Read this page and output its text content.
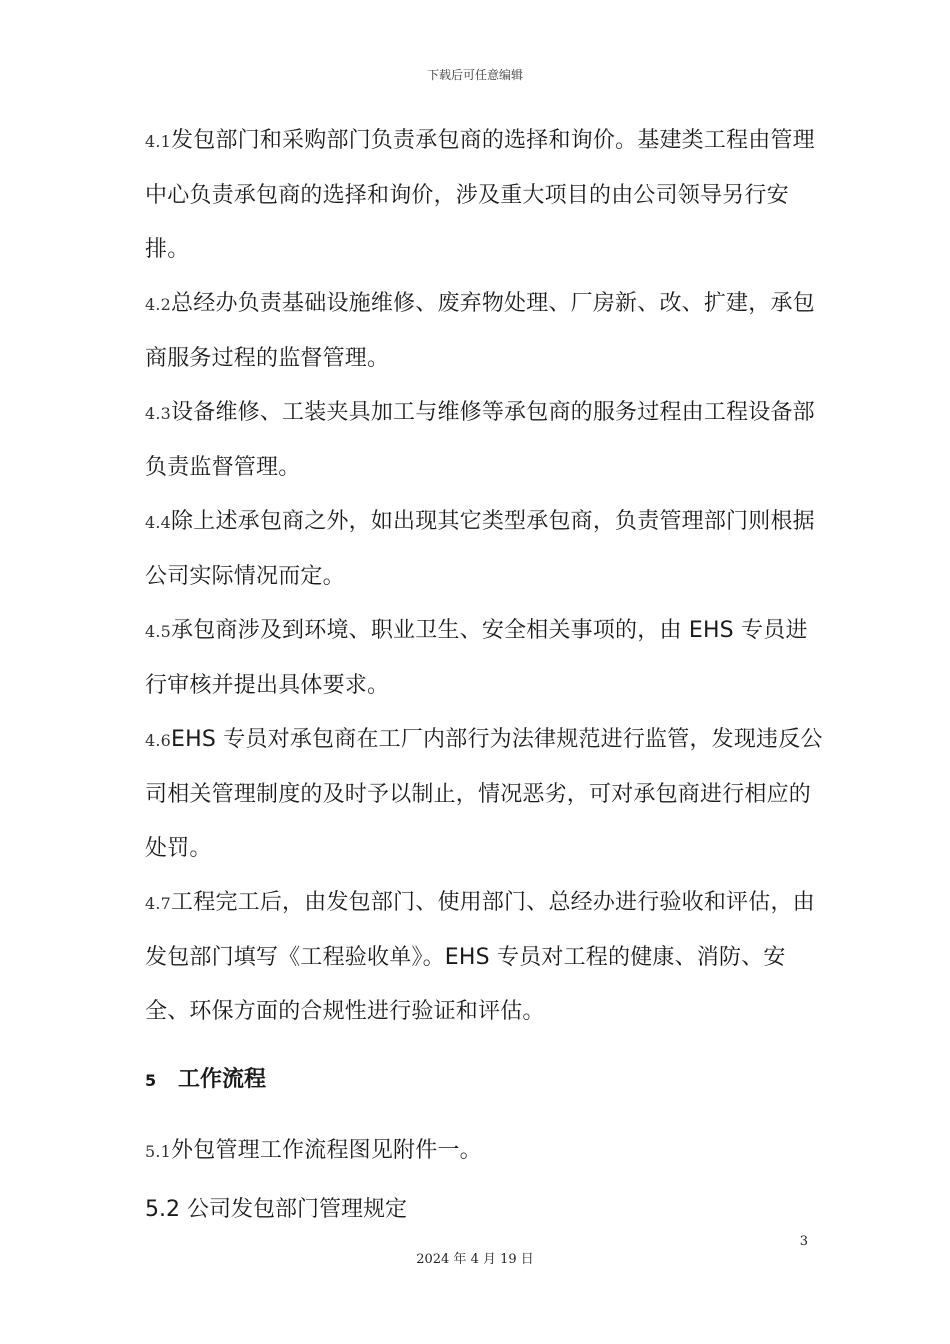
下载后可任意编辑

4.1发包部门和采购部门负责承包商的选择和询价。基建类工程由管理中心负责承包商的选择和询价，涉及重大项目的由公司领导另行安排。

4.2总经办负责基础设施维修、废弃物处理、厂房新、改、扩建，承包商服务过程的监督管理。

4.3设备维修、工装夹具加工与维修等承包商的服务过程由工程设备部负责监督管理。

4.4除上述承包商之外，如出现其它类型承包商，负责管理部门则根据公司实际情况而定。

4.5承包商涉及到环境、职业卫生、安全相关事项的，由 EHS 专员进行审核并提出具体要求。

4.6EHS 专员对承包商在工厂内部行为法律规范进行监管，发现违反公司相关管理制度的及时予以制止，情况恶劣，可对承包商进行相应的处罚。

4.7工程完工后，由发包部门、使用部门、总经办进行验收和评估，由发包部门填写《工程验收单》。EHS 专员对工程的健康、消防、安全、环保方面的合规性进行验证和评估。

5 工作流程

5.1外包管理工作流程图见附件一。

5.2 公司发包部门管理规定

3
2024 年 4 月 19 日
